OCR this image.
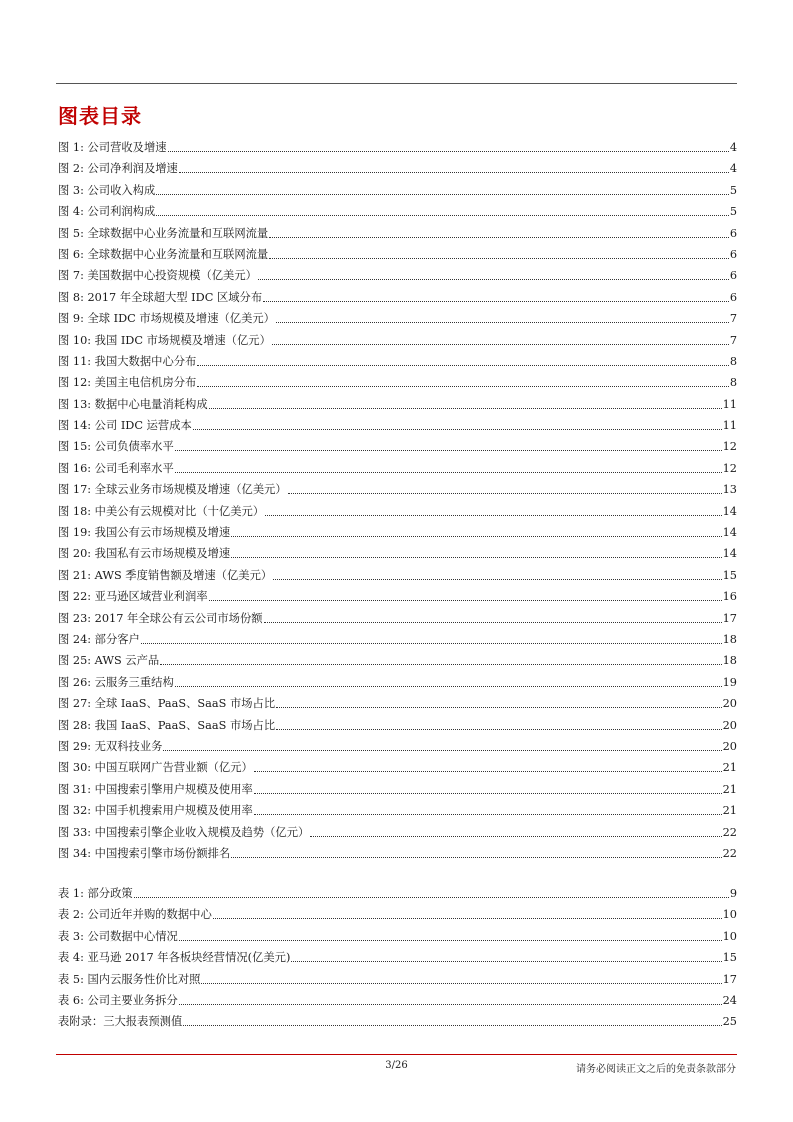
图表目录
图 1: 公司营收及增速	4
图 2: 公司净利润及增速	4
图 3: 公司收入构成	5
图 4: 公司利润构成	5
图 5: 全球数据中心业务流量和互联网流量	6
图 6: 全球数据中心业务流量和互联网流量	6
图 7: 美国数据中心投资规模（亿美元）	6
图 8: 2017 年全球超大型 IDC 区域分布	6
图 9: 全球 IDC 市场规模及增速（亿美元）	7
图 10: 我国 IDC 市场规模及增速（亿元）	7
图 11: 我国大数据中心分布	8
图 12: 美国主电信机房分布	8
图 13: 数据中心电量消耗构成	11
图 14: 公司 IDC 运营成本	11
图 15: 公司负债率水平	12
图 16: 公司毛利率水平	12
图 17: 全球云业务市场规模及增速（亿美元）	13
图 18: 中美公有云规模对比（十亿美元）	14
图 19: 我国公有云市场规模及增速	14
图 20: 我国私有云市场规模及增速	14
图 21: AWS 季度销售额及增速（亿美元）	15
图 22: 亚马逊区域营业利润率	16
图 23: 2017 年全球公有云公司市场份额	17
图 24: 部分客户	18
图 25: AWS 云产品	18
图 26: 云服务三重结构	19
图 27: 全球 IaaS、PaaS、SaaS 市场占比	20
图 28: 我国 IaaS、PaaS、SaaS 市场占比	20
图 29: 无双科技业务	20
图 30: 中国互联网广告营业额（亿元）	21
图 31: 中国搜索引擎用户规模及使用率	21
图 32: 中国手机搜索用户规模及使用率	21
图 33: 中国搜索引擎企业收入规模及趋势（亿元）	22
图 34: 中国搜索引擎市场份额排名	22
表 1: 部分政策	9
表 2: 公司近年并购的数据中心	10
表 3: 公司数据中心情况	10
表 4: 亚马逊 2017 年各板块经营情况(亿美元)	15
表 5: 国内云服务性价比对照	17
表 6: 公司主要业务拆分	24
表附录：三大报表预测值	25
3/26	请务必阅读正文之后的免责条款部分
